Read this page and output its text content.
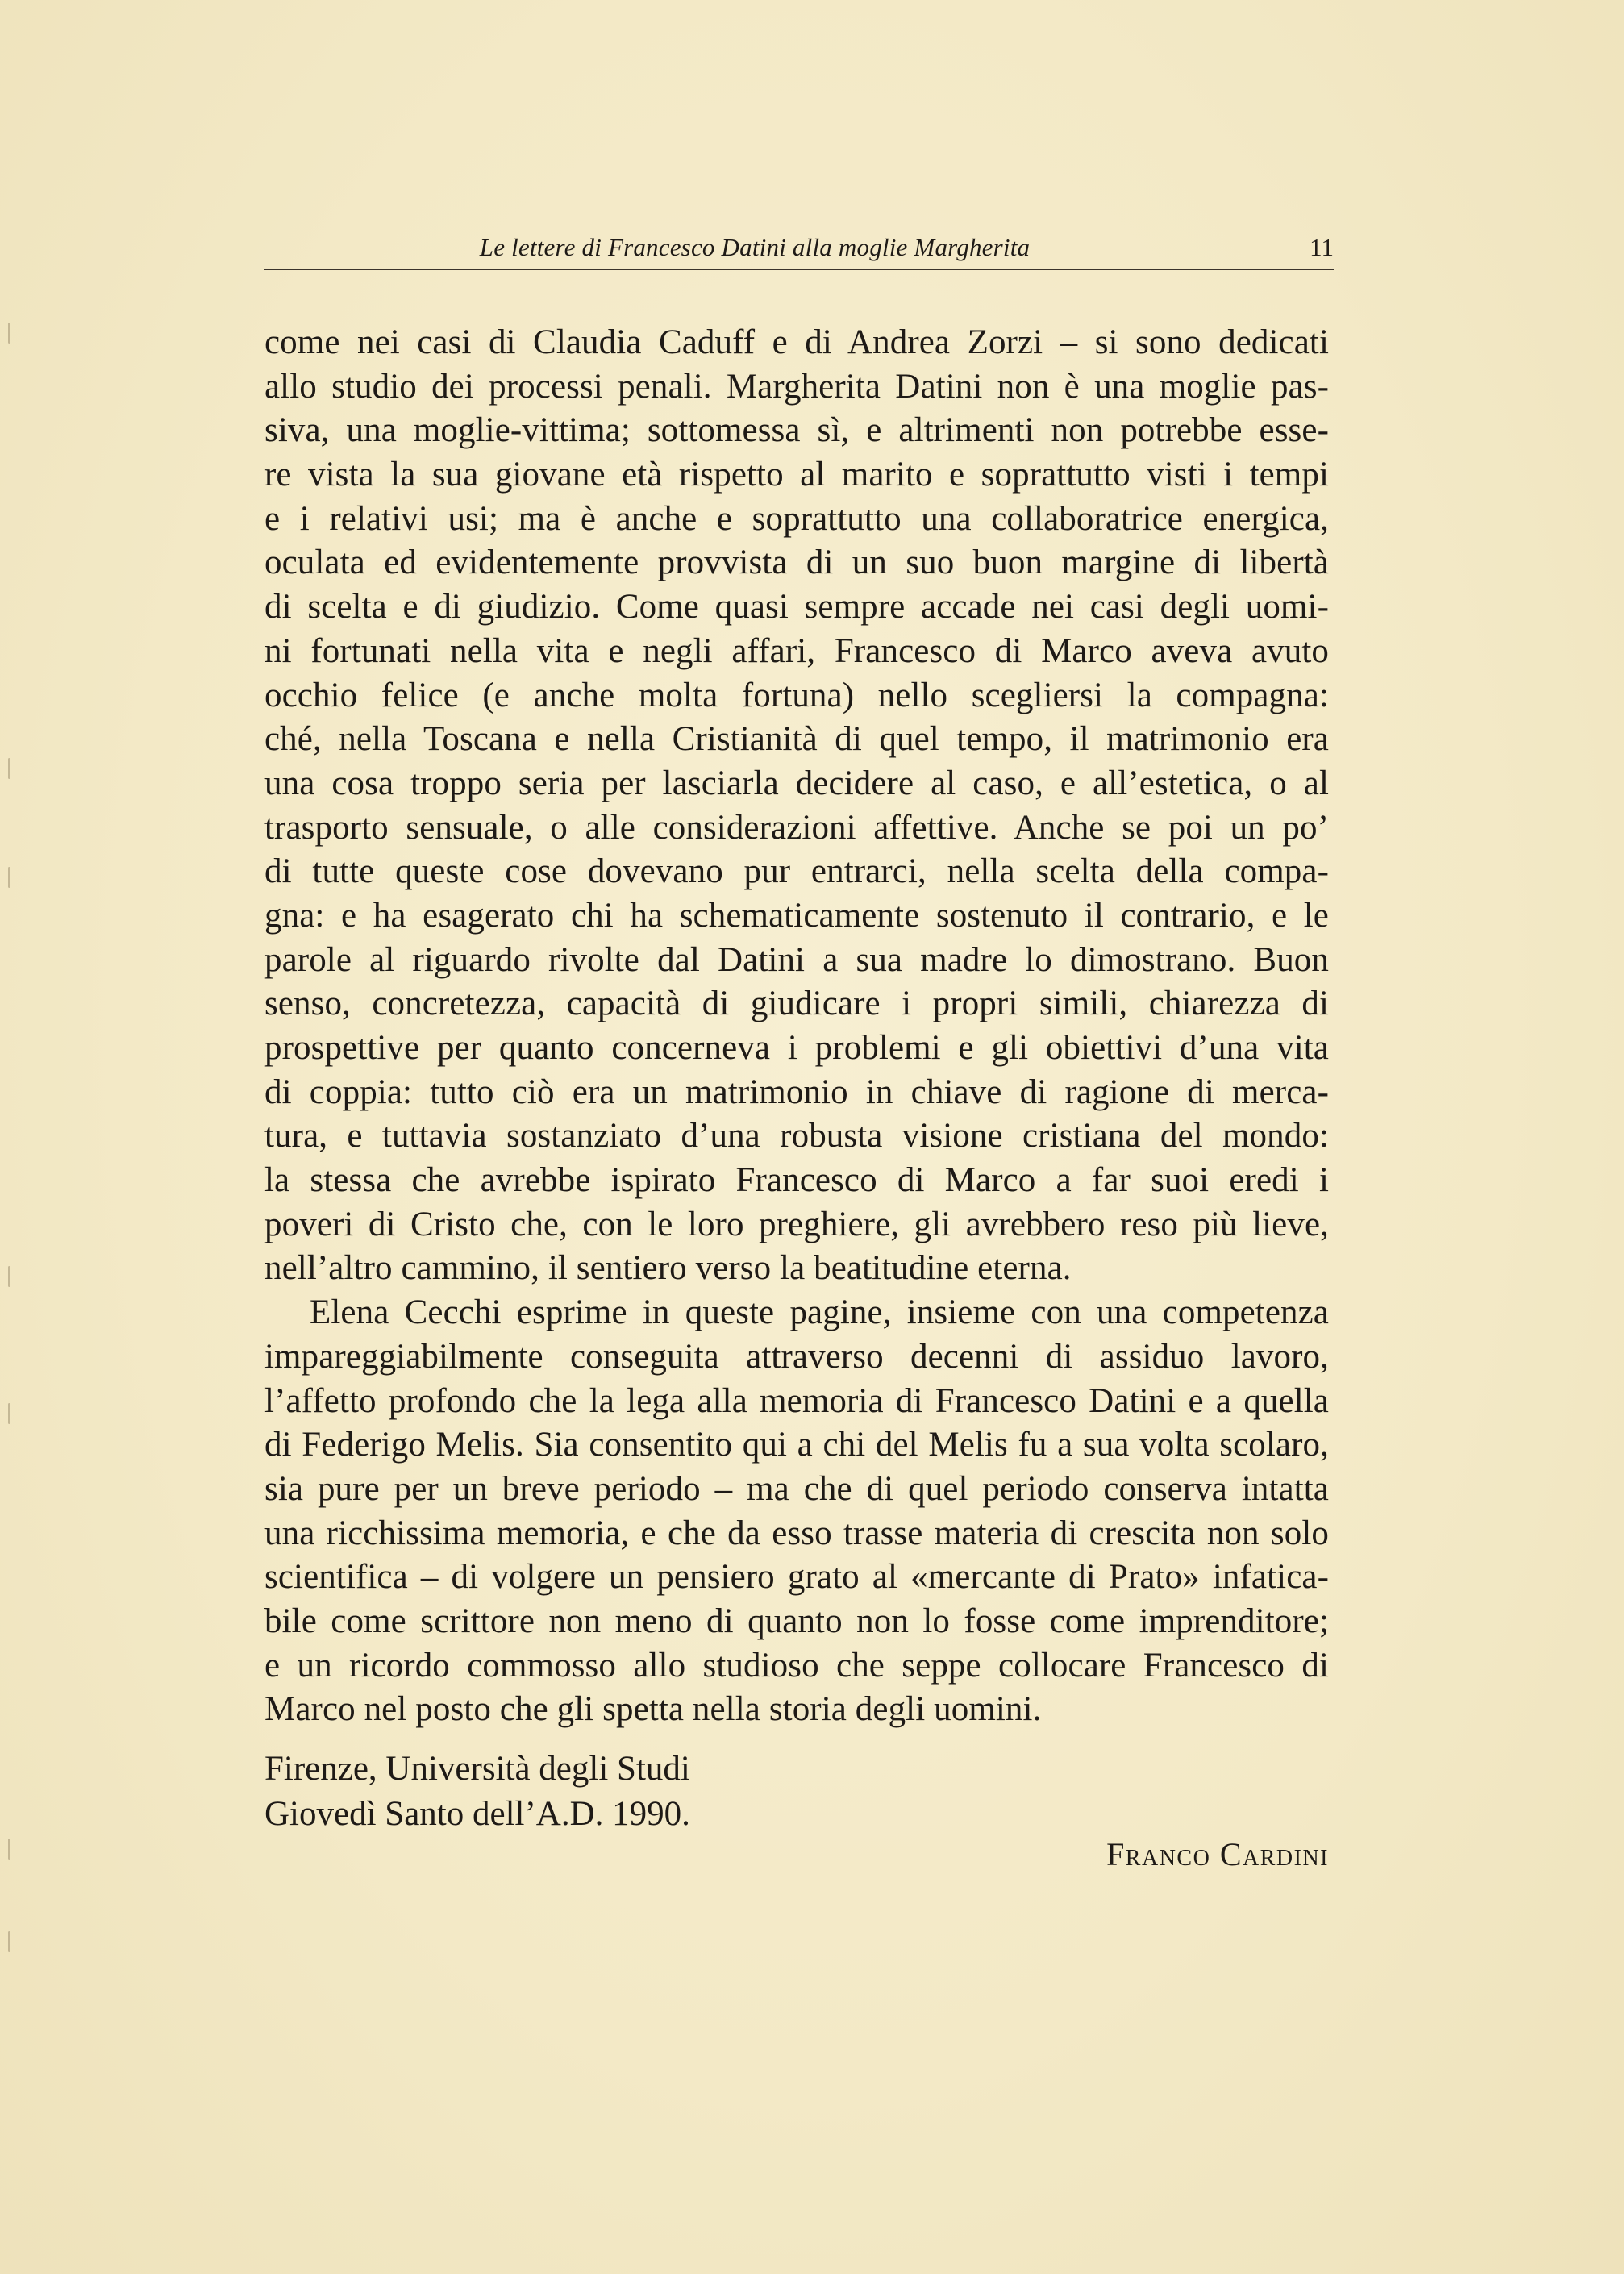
Le lettere di Francesco Datini alla moglie Margherita	11
come nei casi di Claudia Caduff e di Andrea Zorzi – si sono dedicati
allo studio dei processi penali. Margherita Datini non è una moglie pas-
siva, una moglie-vittima; sottomessa sì, e altrimenti non potrebbe esse-
re vista la sua giovane età rispetto al marito e soprattutto visti i tempi
e i relativi usi; ma è anche e soprattutto una collaboratrice energica,
oculata ed evidentemente provvista di un suo buon margine di libertà
di scelta e di giudizio. Come quasi sempre accade nei casi degli uomi-
ni fortunati nella vita e negli affari, Francesco di Marco aveva avuto
occhio felice (e anche molta fortuna) nello scegliersi la compagna:
ché, nella Toscana e nella Cristianità di quel tempo, il matrimonio era
una cosa troppo seria per lasciarla decidere al caso, e all’estetica, o al
trasporto sensuale, o alle considerazioni affettive. Anche se poi un po’
di tutte queste cose dovevano pur entrarci, nella scelta della compa-
gna: e ha esagerato chi ha schematicamente sostenuto il contrario, e le
parole al riguardo rivolte dal Datini a sua madre lo dimostrano. Buon
senso, concretezza, capacità di giudicare i propri simili, chiarezza di
prospettive per quanto concerneva i problemi e gli obiettivi d’una vita
di coppia: tutto ciò era un matrimonio in chiave di ragione di merca-
tura, e tuttavia sostanziato d’una robusta visione cristiana del mondo:
la stessa che avrebbe ispirato Francesco di Marco a far suoi eredi i
poveri di Cristo che, con le loro preghiere, gli avrebbero reso più lieve,
nell’altro cammino, il sentiero verso la beatitudine eterna.
Elena Cecchi esprime in queste pagine, insieme con una competenza
impareggiabilmente conseguita attraverso decenni di assiduo lavoro,
l’affetto profondo che la lega alla memoria di Francesco Datini e a quella
di Federigo Melis. Sia consentito qui a chi del Melis fu a sua volta scolaro,
sia pure per un breve periodo – ma che di quel periodo conserva intatta
una ricchissima memoria, e che da esso trasse materia di crescita non solo
scientifica – di volgere un pensiero grato al «mercante di Prato» infatica-
bile come scrittore non meno di quanto non lo fosse come imprenditore;
e un ricordo commosso allo studioso che seppe collocare Francesco di
Marco nel posto che gli spetta nella storia degli uomini.
Firenze, Università degli Studi
Giovedì Santo dell’A.D. 1990.
Franco Cardini
